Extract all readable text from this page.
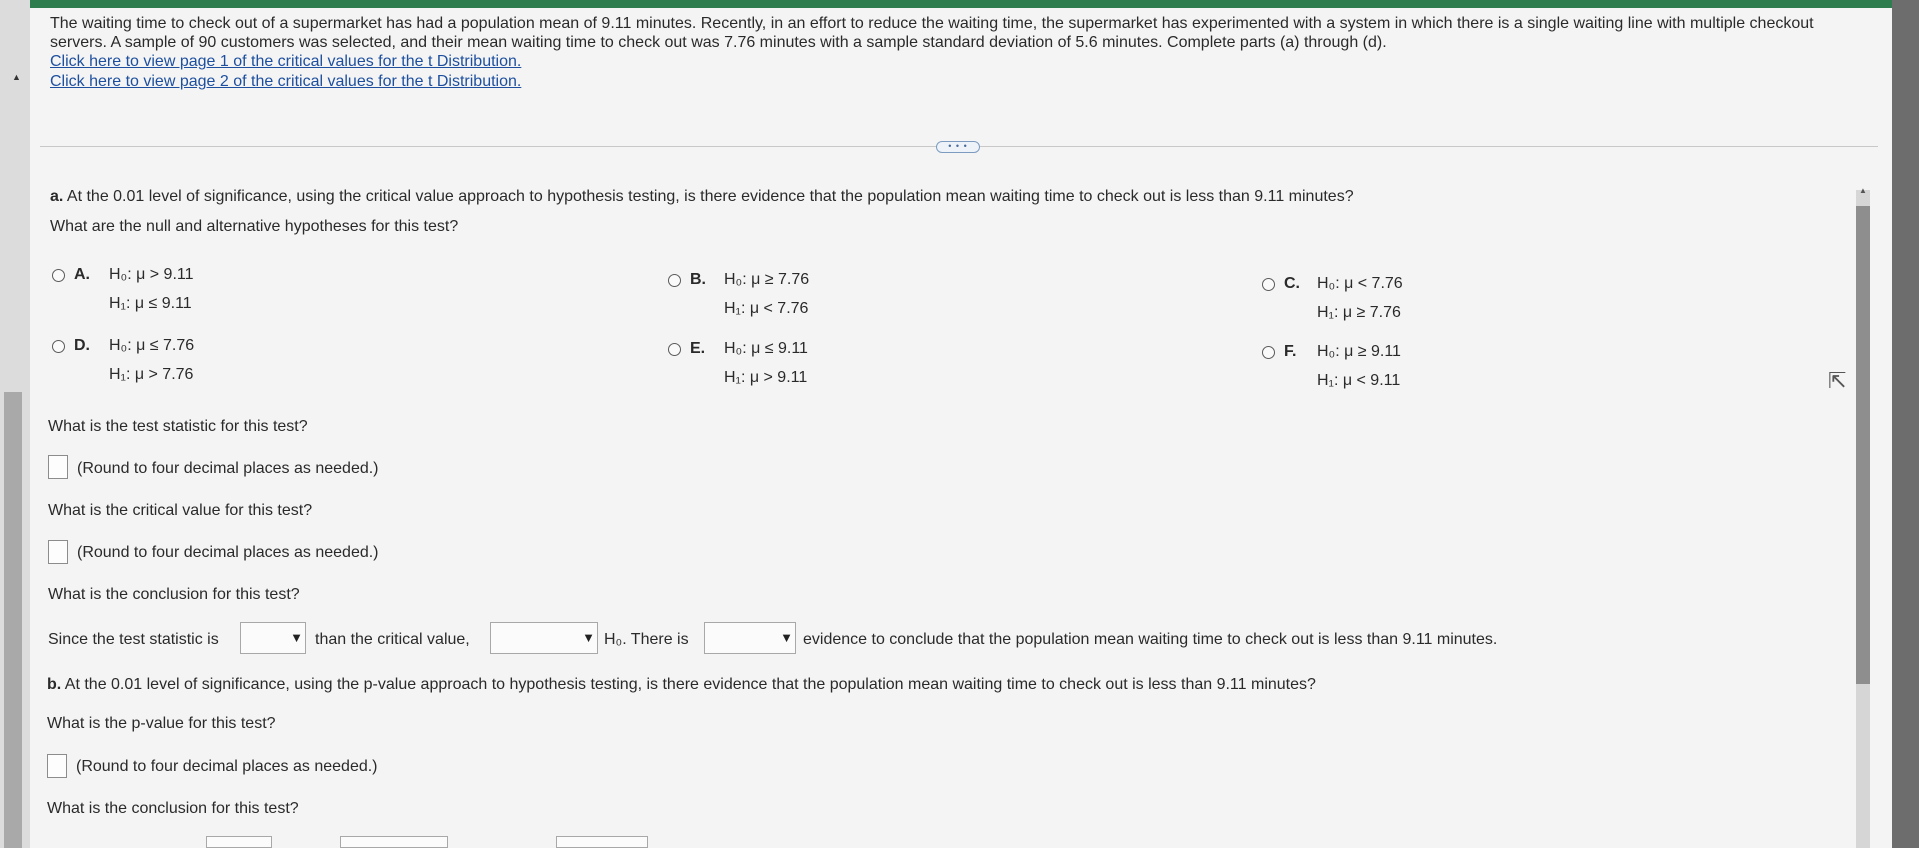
▲
The waiting time to check out of a supermarket has had a population mean of 9.11 minutes. Recently, in an effort to reduce the waiting time, the supermarket has experimented with a system in which there is a single waiting line with multiple checkout servers. A sample of 90 customers was selected, and their mean waiting time to check out was 7.76 minutes with a sample standard deviation of 5.6 minutes. Complete parts (a) through (d).
Click here to view page 1 of the critical values for the t Distribution.
Click here to view page 2 of the critical values for the t Distribution.
• • •
a. At the 0.01 level of significance, using the critical value approach to hypothesis testing, is there evidence that the population mean waiting time to check out is less than 9.11 minutes?
What are the null and alternative hypotheses for this test?
A. H₀: μ > 9.11
H₁: μ ≤ 9.11
B. H₀: μ ≥ 7.76
H₁: μ < 7.76
C. H₀: μ < 7.76
H₁: μ ≥ 7.76
D. H₀: μ ≤ 7.76
H₁: μ > 7.76
E. H₀: μ ≤ 9.11
H₁: μ > 9.11
F. H₀: μ ≥ 9.11
H₁: μ < 9.11
What is the test statistic for this test?
(Round to four decimal places as needed.)
What is the critical value for this test?
(Round to four decimal places as needed.)
What is the conclusion for this test?
Since the test statistic is	▼ than the critical value,	▼ H₀. There is	▼ evidence to conclude that the population mean waiting time to check out is less than 9.11 minutes.
b. At the 0.01 level of significance, using the p-value approach to hypothesis testing, is there evidence that the population mean waiting time to check out is less than 9.11 minutes?
What is the p-value for this test?
(Round to four decimal places as needed.)
What is the conclusion for this test?
▲
⇱
